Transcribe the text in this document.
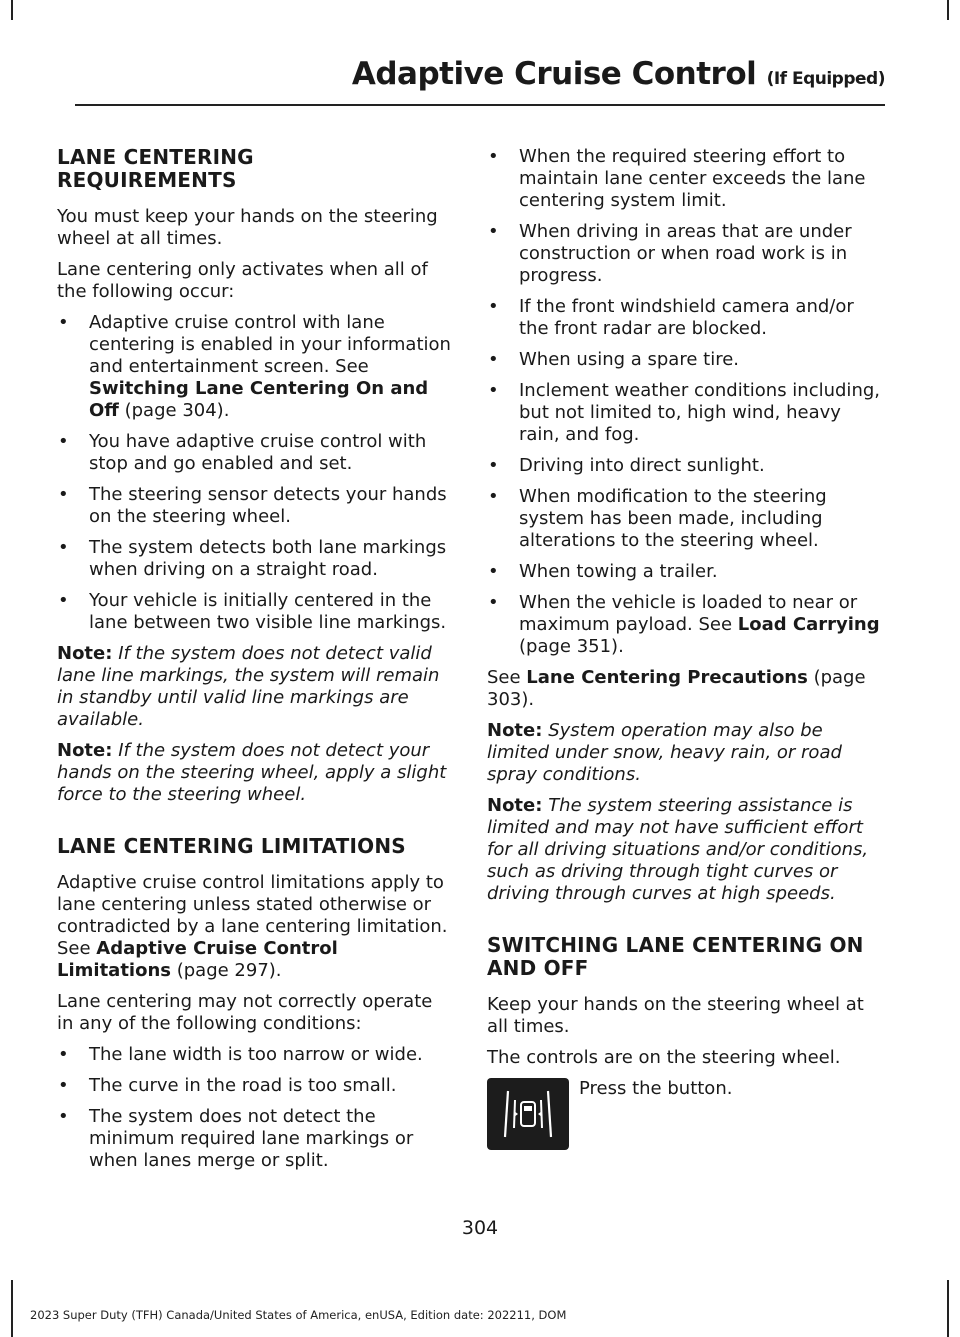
Adaptive Cruise Control (If Equipped)
LANE CENTERING
REQUIREMENTS

You must keep your hands on the steering wheel at all times.

Lane centering only activates when all of the following occur:

• Adaptive cruise control with lane centering is enabled in your information and entertainment screen. See Switching Lane Centering On and Off (page 304).
• You have adaptive cruise control with stop and go enabled and set.
• The steering sensor detects your hands on the steering wheel.
• The system detects both lane markings when driving on a straight road.
• Your vehicle is initially centered in the lane between two visible line markings.

Note: If the system does not detect valid lane line markings, the system will remain in standby until valid line markings are available.

Note: If the system does not detect your hands on the steering wheel, apply a slight force to the steering wheel.

LANE CENTERING LIMITATIONS

Adaptive cruise control limitations apply to lane centering unless stated otherwise or contradicted by a lane centering limitation. See Adaptive Cruise Control Limitations (page 297).

Lane centering may not correctly operate in any of the following conditions:

• The lane width is too narrow or wide.
• The curve in the road is too small.
• The system does not detect the minimum required lane markings or when lanes merge or split.
• When the required steering effort to maintain lane center exceeds the lane centering system limit.
• When driving in areas that are under construction or when road work is in progress.
• If the front windshield camera and/or the front radar are blocked.
• When using a spare tire.
• Inclement weather conditions including, but not limited to, high wind, heavy rain, and fog.
• Driving into direct sunlight.
• When modification to the steering system has been made, including alterations to the steering wheel.
• When towing a trailer.
• When the vehicle is loaded to near or maximum payload. See Load Carrying (page 351).

See Lane Centering Precautions (page 303).

Note: System operation may also be limited under snow, heavy rain, or road spray conditions.

Note: The system steering assistance is limited and may not have sufficient effort for all driving situations and/or conditions, such as driving through tight curves or driving through curves at high speeds.

SWITCHING LANE CENTERING ON
AND OFF

Keep your hands on the steering wheel at all times.

The controls are on the steering wheel.

Press the button.
304
2023 Super Duty (TFH) Canada/United States of America, enUSA, Edition date: 202211, DOM
